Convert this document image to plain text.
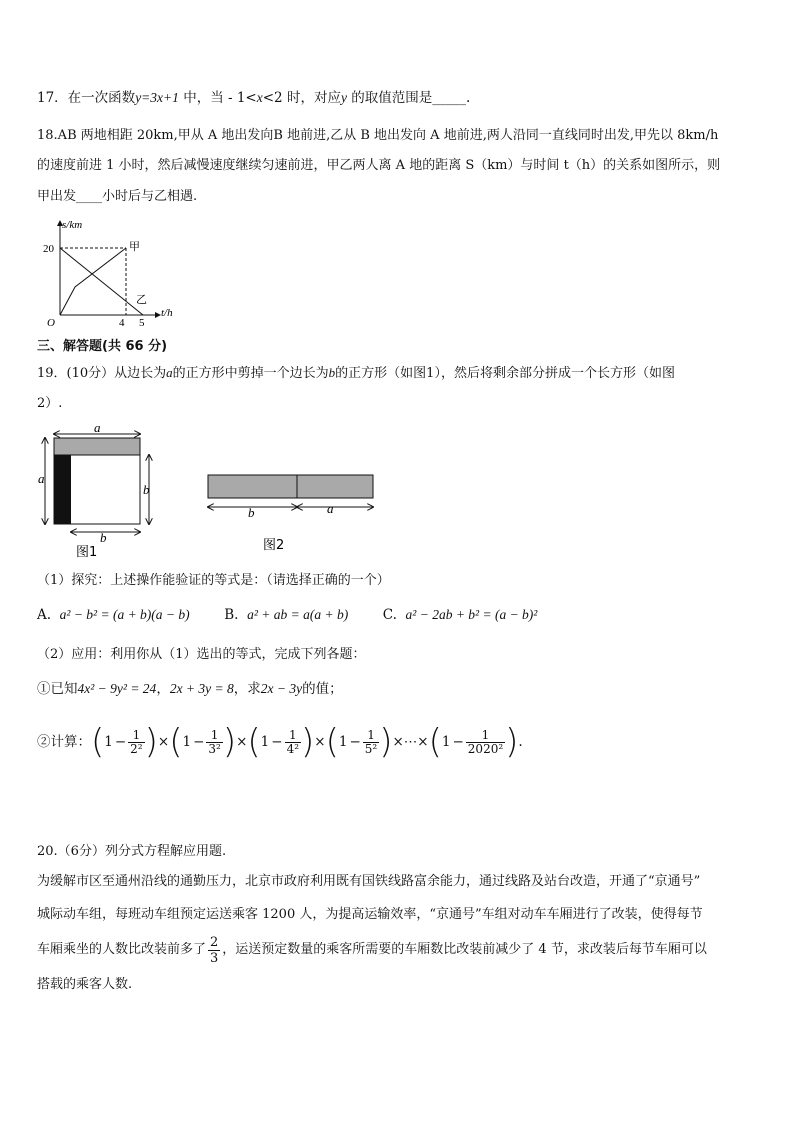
17．在一次函数y=3x+1 中，当 - 1<x<2 时，对应y 的取值范围是_____.
18.AB 两地相距 20km,甲从 A 地出发向B 地前进,乙从 B 地出发向 A 地前进,两人沿同一直线同时出发,甲先以 8km/h
的速度前进 1 小时，然后减慢速度继续匀速前进，甲乙两人离 A 地的距离 S（km）与时间 t（h）的关系如图所示，则
甲出发____小时后与乙相遇.
s/km
t/h
O
20
4 5
甲
乙
三、解答题(共 66 分)
19．(10分）从边长为a的正方形中剪掉一个边长为b的正方形（如图1），然后将剩余部分拼成一个长方形（如图
2）.
a
a
b
b
图1
b	a
图2
（1）探究：上述操作能验证的等式是：（请选择正确的一个）
A. a² − b² = (a + b)(a − b)	B. a² + ab = a(a + b)	C. a² − 2ab + b² = (a − b)²
（2）应用：利用你从（1）选出的等式，完成下列各题：
①已知4x² − 9y² = 24，2x + 3y = 8，求2x − 3y的值；
②计算： ( $1 - \frac{1}{\text{2²}}$ ) × ( $1 - \frac{1}{\text{3²}}$ ) × ( $1 - \frac{1}{\text{4²}}$ ) × ( $1 - \frac{1}{\text{5²}}$ ) ×⋯× ( $1 - \frac{1}{\text{2020²}}$ ) .
20.（6分）列分式方程解应用题.
为缓解市区至通州沿线的通勤压力，北京市政府利用既有国铁线路富余能力，通过线路及站台改造，开通了“京通号”
城际动车组，每班动车组预定运送乘客 1200 人，为提高运输效率，“京通号”车组对动车车厢进行了改装，使得每节
车厢乘坐的人数比改装前多了 $\frac{2}{3}$ ，运送预定数量的乘客所需要的车厢数比改装前减少了 4 节，求改装后每节车厢可以
搭载的乘客人数.
